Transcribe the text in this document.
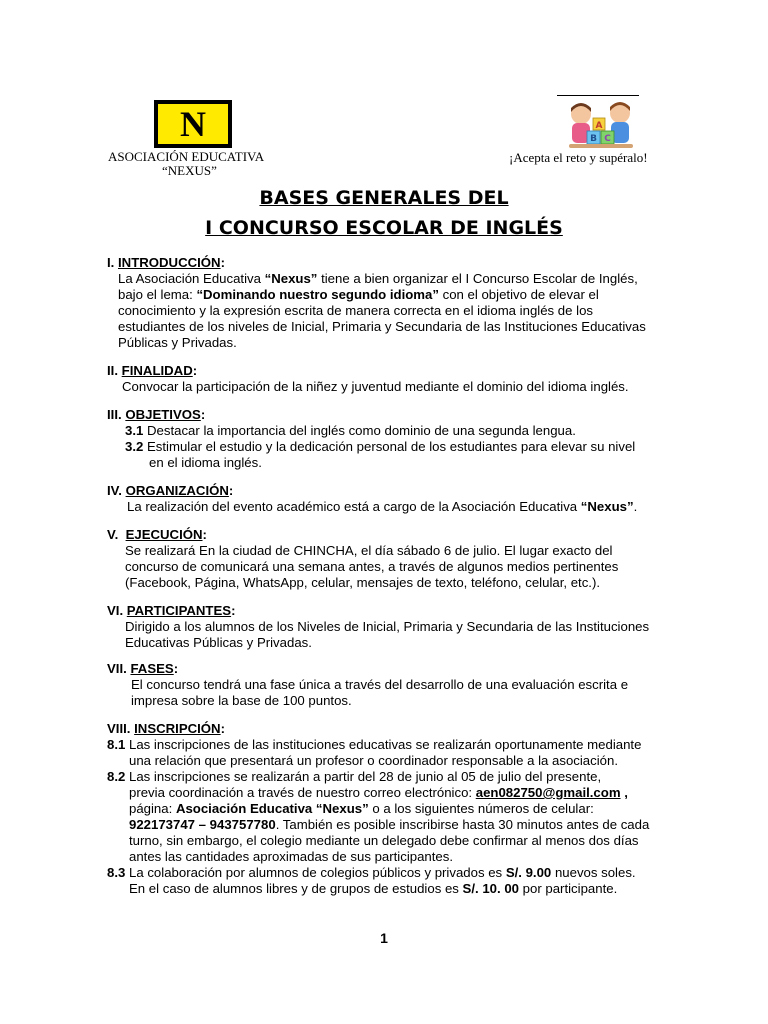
N
ASOCIACIÓN EDUCATIVA
“NEXUS”
A
B C
¡Acepta el reto y supéralo!
BASES GENERALES DEL
I CONCURSO ESCOLAR DE INGLÉS
I. INTRODUCCIÓN:

La Asociación Educativa “Nexus” tiene a bien organizar el I Concurso Escolar de Inglés,

bajo el lema: “Dominando nuestro segundo idioma” con el objetivo de elevar el

conocimiento y la expresión escrita de manera correcta en el idioma inglés de los

estudiantes de los niveles de Inicial, Primaria y Secundaria de las Instituciones Educativas

Públicas y Privadas.

II. FINALIDAD:

Convocar la participación de la niñez y juventud mediante el dominio del idioma inglés.

III. OBJETIVOS:

3.1 Destacar la importancia del inglés como dominio de una segunda lengua.

3.2 Estimular el estudio y la dedicación personal de los estudiantes para elevar su nivel

en el idioma inglés.

IV. ORGANIZACIÓN:

La realización del evento académico está a cargo de la Asociación Educativa “Nexus”.

V. EJECUCIÓN:

Se realizará En la ciudad de CHINCHA, el día sábado 6 de julio. El lugar exacto del

concurso de comunicará una semana antes, a través de algunos medios pertinentes

(Facebook, Página, WhatsApp, celular, mensajes de texto, teléfono, celular, etc.).

VI. PARTICIPANTES:

Dirigido a los alumnos de los Niveles de Inicial, Primaria y Secundaria de las Instituciones

Educativas Públicas y Privadas.

VII. FASES:

El concurso tendrá una fase única a través del desarrollo de una evaluación escrita e

impresa sobre la base de 100 puntos.

VIII. INSCRIPCIÓN:

8.1 Las inscripciones de las instituciones educativas se realizarán oportunamente mediante

una relación que presentará un profesor o coordinador responsable a la asociación.

8.2 Las inscripciones se realizarán a partir del 28 de junio al 05 de julio del presente,

previa coordinación a través de nuestro correo electrónico: aen082750@gmail.com ,

página: Asociación Educativa “Nexus” o a los siguientes números de celular:

922173747 – 943757780. También es posible inscribirse hasta 30 minutos antes de cada

turno, sin embargo, el colegio mediante un delegado debe confirmar al menos dos días

antes las cantidades aproximadas de sus participantes.

8.3 La colaboración por alumnos de colegios públicos y privados es S/. 9.00 nuevos soles.

En el caso de alumnos libres y de grupos de estudios es S/. 10. 00 por participante.

1
